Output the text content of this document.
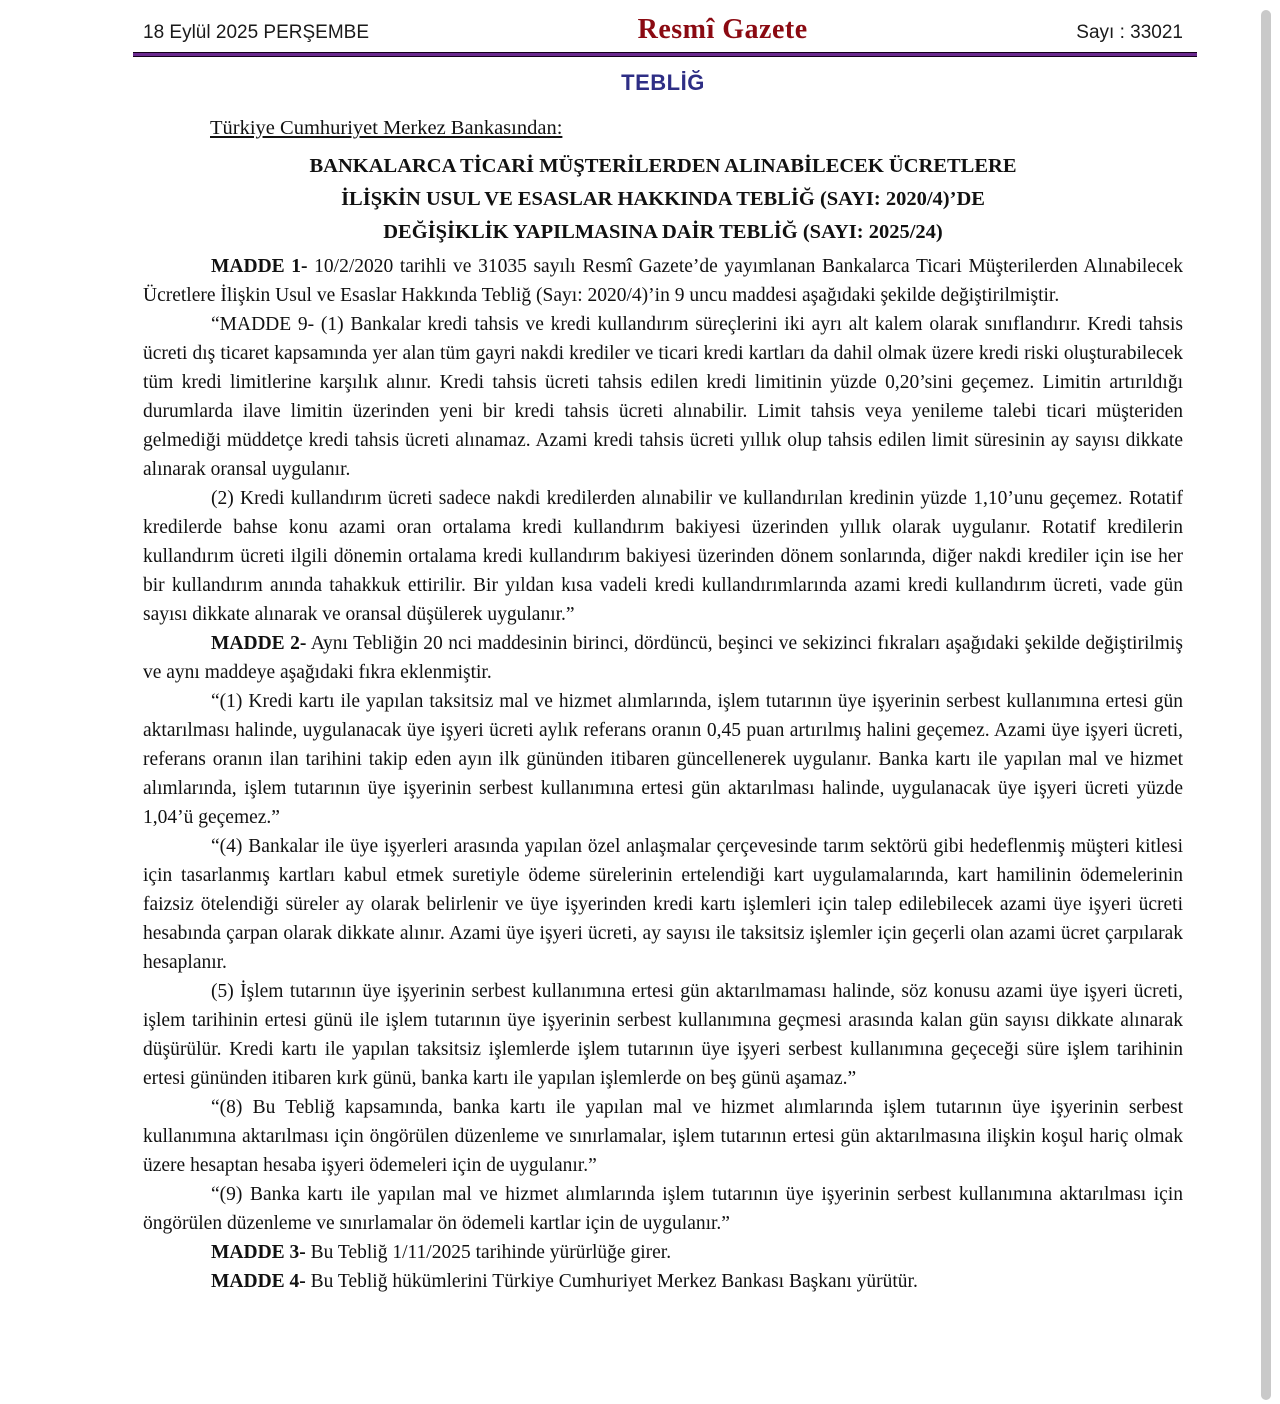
18 Eylül 2025 PERŞEMBE	Resmî Gazete	Sayı : 33021
TEBLİĞ

Türkiye Cumhuriyet Merkez Bankasından:

BANKALARCA TİCARİ MÜŞTERİLERDEN ALINABİLECEK ÜCRETLERE
İLİŞKİN USUL VE ESASLAR HAKKINDA TEBLİĞ (SAYI: 2020/4)’DE
DEĞİŞİKLİK YAPILMASINA DAİR TEBLİĞ (SAYI: 2025/24)

MADDE 1- 10/2/2020 tarihli ve 31035 sayılı Resmî Gazete’de yayımlanan Bankalarca Ticari Müşterilerden Alınabilecek Ücretlere İlişkin Usul ve Esaslar Hakkında Tebliğ (Sayı: 2020/4)’in 9 uncu maddesi aşağıdaki şekilde değiştirilmiştir.

“MADDE 9- (1) Bankalar kredi tahsis ve kredi kullandırım süreçlerini iki ayrı alt kalem olarak sınıflandırır. Kredi tahsis ücreti dış ticaret kapsamında yer alan tüm gayri nakdi krediler ve ticari kredi kartları da dahil olmak üzere kredi riski oluşturabilecek tüm kredi limitlerine karşılık alınır. Kredi tahsis ücreti tahsis edilen kredi limitinin yüzde 0,20’sini geçemez. Limitin artırıldığı durumlarda ilave limitin üzerinden yeni bir kredi tahsis ücreti alınabilir. Limit tahsis veya yenileme talebi ticari müşteriden gelmediği müddetçe kredi tahsis ücreti alınamaz. Azami kredi tahsis ücreti yıllık olup tahsis edilen limit süresinin ay sayısı dikkate alınarak oransal uygulanır.

(2) Kredi kullandırım ücreti sadece nakdi kredilerden alınabilir ve kullandırılan kredinin yüzde 1,10’unu geçemez. Rotatif kredilerde bahse konu azami oran ortalama kredi kullandırım bakiyesi üzerinden yıllık olarak uygulanır. Rotatif kredilerin kullandırım ücreti ilgili dönemin ortalama kredi kullandırım bakiyesi üzerinden dönem sonlarında, diğer nakdi krediler için ise her bir kullandırım anında tahakkuk ettirilir. Bir yıldan kısa vadeli kredi kullandırımlarında azami kredi kullandırım ücreti, vade gün sayısı dikkate alınarak ve oransal düşülerek uygulanır.”

MADDE 2- Aynı Tebliğin 20 nci maddesinin birinci, dördüncü, beşinci ve sekizinci fıkraları aşağıdaki şekilde değiştirilmiş ve aynı maddeye aşağıdaki fıkra eklenmiştir.

“(1) Kredi kartı ile yapılan taksitsiz mal ve hizmet alımlarında, işlem tutarının üye işyerinin serbest kullanımına ertesi gün aktarılması halinde, uygulanacak üye işyeri ücreti aylık referans oranın 0,45 puan artırılmış halini geçemez. Azami üye işyeri ücreti, referans oranın ilan tarihini takip eden ayın ilk gününden itibaren güncellenerek uygulanır. Banka kartı ile yapılan mal ve hizmet alımlarında, işlem tutarının üye işyerinin serbest kullanımına ertesi gün aktarılması halinde, uygulanacak üye işyeri ücreti yüzde 1,04’ü geçemez.”

“(4) Bankalar ile üye işyerleri arasında yapılan özel anlaşmalar çerçevesinde tarım sektörü gibi hedeflenmiş müşteri kitlesi için tasarlanmış kartları kabul etmek suretiyle ödeme sürelerinin ertelendiği kart uygulamalarında, kart hamilinin ödemelerinin faizsiz ötelendiği süreler ay olarak belirlenir ve üye işyerinden kredi kartı işlemleri için talep edilebilecek azami üye işyeri ücreti hesabında çarpan olarak dikkate alınır. Azami üye işyeri ücreti, ay sayısı ile taksitsiz işlemler için geçerli olan azami ücret çarpılarak hesaplanır.

(5) İşlem tutarının üye işyerinin serbest kullanımına ertesi gün aktarılmaması halinde, söz konusu azami üye işyeri ücreti, işlem tarihinin ertesi günü ile işlem tutarının üye işyerinin serbest kullanımına geçmesi arasında kalan gün sayısı dikkate alınarak düşürülür. Kredi kartı ile yapılan taksitsiz işlemlerde işlem tutarının üye işyeri serbest kullanımına geçeceği süre işlem tarihinin ertesi gününden itibaren kırk günü, banka kartı ile yapılan işlemlerde on beş günü aşamaz.”

“(8) Bu Tebliğ kapsamında, banka kartı ile yapılan mal ve hizmet alımlarında işlem tutarının üye işyerinin serbest kullanımına aktarılması için öngörülen düzenleme ve sınırlamalar, işlem tutarının ertesi gün aktarılmasına ilişkin koşul hariç olmak üzere hesaptan hesaba işyeri ödemeleri için de uygulanır.”

“(9) Banka kartı ile yapılan mal ve hizmet alımlarında işlem tutarının üye işyerinin serbest kullanımına aktarılması için öngörülen düzenleme ve sınırlamalar ön ödemeli kartlar için de uygulanır.”

MADDE 3- Bu Tebliğ 1/11/2025 tarihinde yürürlüğe girer.

MADDE 4- Bu Tebliğ hükümlerini Türkiye Cumhuriyet Merkez Bankası Başkanı yürütür.
